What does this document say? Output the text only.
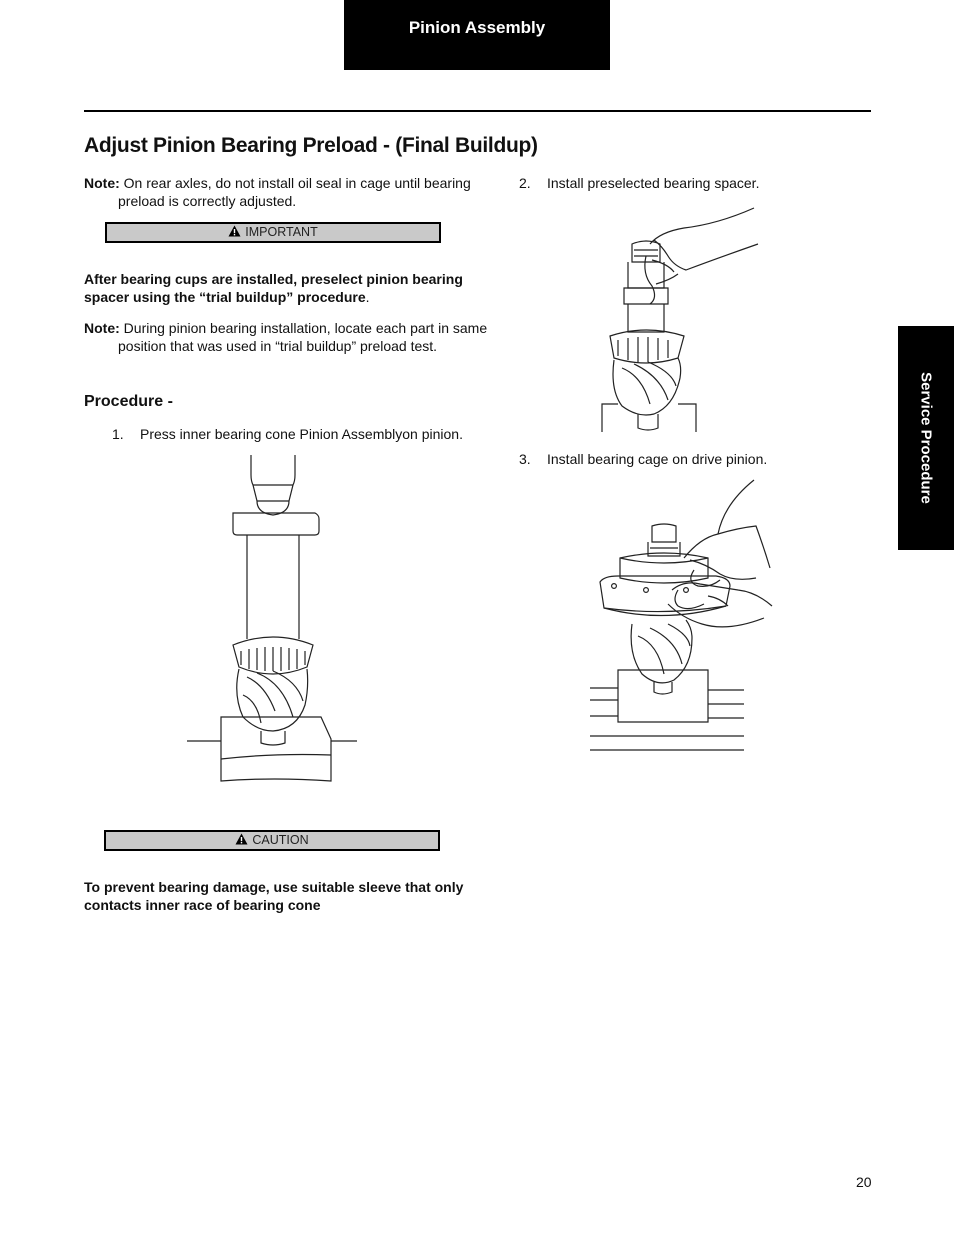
Pinion Assembly
Adjust Pinion Bearing Preload - (Final Buildup)
Note: On rear axles, do not install oil seal in cage until bearing preload is correctly adjusted.
IMPORTANT
After bearing cups are installed, preselect pinion bearing spacer using the “trial buildup” procedure.
Note: During pinion bearing installation, locate each part in same position that was used in “trial buildup” preload test.
Procedure -
1. Press inner bearing cone Pinion Assemblyon pinion.
CAUTION
To prevent bearing damage, use suitable sleeve that only contacts inner race of bearing cone
2. Install preselected bearing spacer.
3. Install bearing cage on drive pinion.	Service Procedure
20
